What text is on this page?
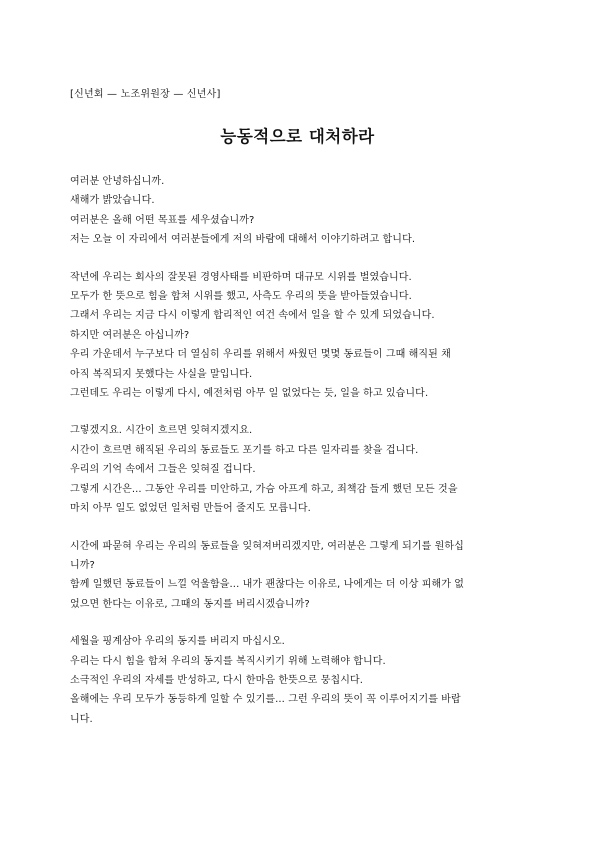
[신년회 — 노조위원장 — 신년사]
능동적으로 대처하라
여러분 안녕하십니까.
새해가 밝았습니다.
여러분은 올해 어떤 목표를 세우셨습니까?
저는 오늘 이 자리에서 여러분들에게 저의 바람에 대해서 이야기하려고 합니다.
작년에 우리는 회사의 잘못된 경영사태를 비판하며 대규모 시위를 벌였습니다.
모두가 한 뜻으로 힘을 합쳐 시위를 했고, 사측도 우리의 뜻을 받아들였습니다.
그래서 우리는 지금 다시 이렇게 합리적인 여건 속에서 일을 할 수 있게 되었습니다.
하지만 여러분은 아십니까?
우리 가운데서 누구보다 더 열심히 우리를 위해서 싸웠던 몇몇 동료들이 그때 해직된 채
아직 복직되지 못했다는 사실을 말입니다.
그런데도 우리는 이렇게 다시, 예전처럼 아무 일 없었다는 듯, 일을 하고 있습니다.
그렇겠지요. 시간이 흐르면 잊혀지겠지요.
시간이 흐르면 해직된 우리의 동료들도 포기를 하고 다른 일자리를 찾을 겁니다.
우리의 기억 속에서 그들은 잊혀질 겁니다.
그렇게 시간은... 그동안 우리를 미안하고, 가슴 아프게 하고, 죄책감 들게 했던 모든 것을
마치 아무 일도 없었던 일처럼 만들어 줄지도 모릅니다.
시간에 파묻혀 우리는 우리의 동료들을 잊혀져버리겠지만, 여러분은 그렇게 되기를 원하십
니까?
함께 일했던 동료들이 느낄 억울함을... 내가 괜찮다는 이유로, 나에게는 더 이상 피해가 없
었으면 한다는 이유로, 그때의 동지를 버리시겠습니까?
세월을 핑계삼아 우리의 동지를 버리지 마십시오.
우리는 다시 힘을 합쳐 우리의 동지를 복직시키기 위해 노력해야 합니다.
소극적인 우리의 자세를 반성하고, 다시 한마음 한뜻으로 뭉칩시다.
올해에는 우리 모두가 동등하게 일할 수 있기를... 그런 우리의 뜻이 꼭 이루어지기를 바랍
니다.
